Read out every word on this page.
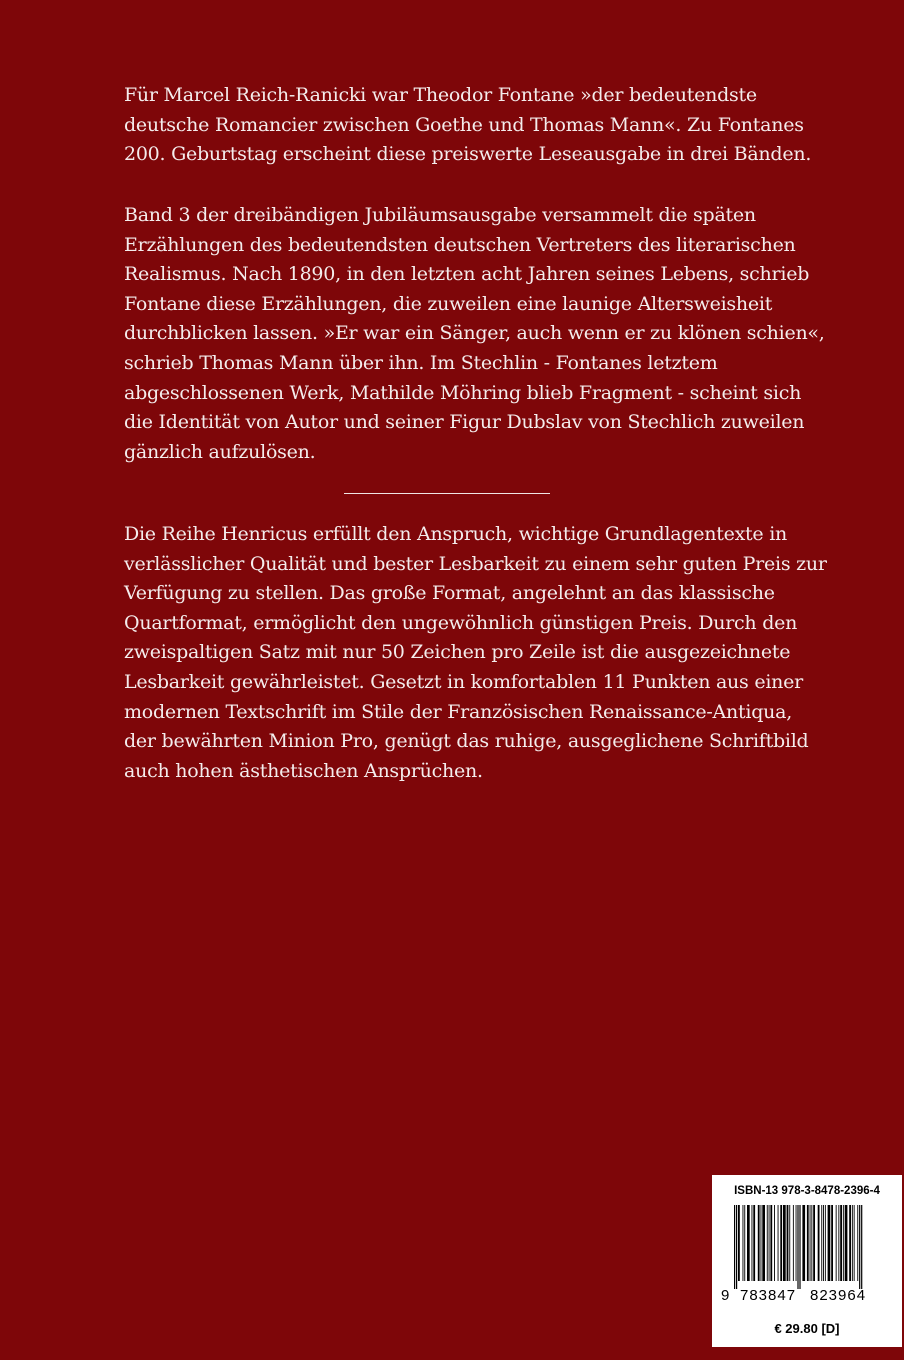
Für Marcel Reich-Ranicki war Theodor Fontane »der bedeutendste
deutsche Romancier zwischen Goethe und Thomas Mann«. Zu Fontanes
200. Geburtstag erscheint diese preiswerte Leseausgabe in drei Bänden.
Band 3 der dreibändigen Jubiläumsausgabe versammelt die späten
Erzählungen des bedeutendsten deutschen Vertreters des literarischen
Realismus. Nach 1890, in den letzten acht Jahren seines Lebens, schrieb
Fontane diese Erzählungen, die zuweilen eine launige Altersweisheit
durchblicken lassen. »Er war ein Sänger, auch wenn er zu klönen schien«,
schrieb Thomas Mann über ihn. Im Stechlin - Fontanes letztem
abgeschlossenen Werk, Mathilde Möhring blieb Fragment - scheint sich
die Identität von Autor und seiner Figur Dubslav von Stechlich zuweilen
gänzlich aufzulösen.
Die Reihe Henricus erfüllt den Anspruch, wichtige Grundlagentexte in
verlässlicher Qualität und bester Lesbarkeit zu einem sehr guten Preis zur
Verfügung zu stellen. Das große Format, angelehnt an das klassische
Quartformat, ermöglicht den ungewöhnlich günstigen Preis. Durch den
zweispaltigen Satz mit nur 50 Zeichen pro Zeile ist die ausgezeichnete
Lesbarkeit gewährleistet. Gesetzt in komfortablen 11 Punkten aus einer
modernen Textschrift im Stile der Französischen Renaissance-Antiqua,
der bewährten Minion Pro, genügt das ruhige, ausgeglichene Schriftbild
auch hohen ästhetischen Ansprüchen.
ISBN-13 978-3-8478-2396-4
9 783847 823964
€ 29.80 [D]
